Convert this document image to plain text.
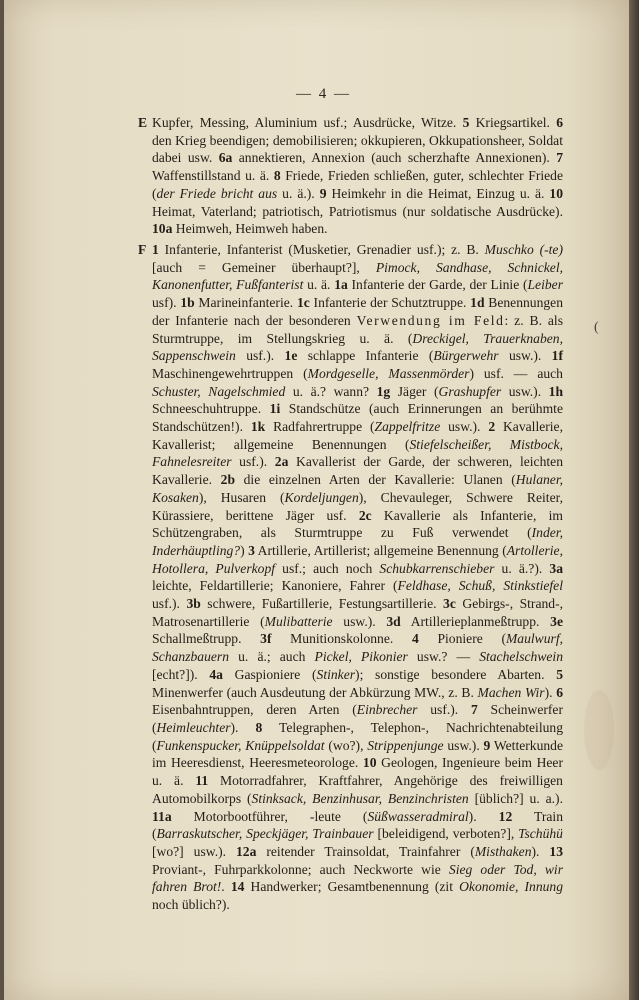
— 4 —
E Kupfer, Messing, Aluminium usf.; Ausdrücke, Witze. 5 Kriegsartikel. 6 den Krieg beendigen; demobilisieren; okkupieren, Okkupationsheer, Soldat dabei usw. 6a annektieren, Annexion (auch scherzhafte Annexionen). 7 Waffenstillstand u. ä. 8 Friede, Frieden schließen, guter, schlechter Friede (der Friede bricht aus u. ä.). 9 Heimkehr in die Heimat, Einzug u. ä. 10 Heimat, Vaterland; patriotisch, Patriotismus (nur soldatische Ausdrücke). 10a Heimweh, Heimweh haben.
F 1 Infanterie, Infanterist (Musketier, Grenadier usf.); z. B. Muschko (-te) [auch = Gemeiner überhaupt?], Pimock, Sandhase, Schnickel, Kanonenfutter, Fußfanterist u. ä. 1a Infanterie der Garde, der Linie (Leiber usf). 1b Marineinfanterie. 1c Infanterie der Schutztruppe. 1d Benennungen der Infanterie nach der besonderen Verwendung im Feld: z. B. als Sturmtruppe, im Stellungskrieg u. ä. (Dreckigel, Trauerknaben, Sappenschwein usf.). 1e schlappe Infanterie (Bürgerwehr usw.). 1f Maschinengewehrtruppen (Mordgeselle, Massenmörder) usf. — auch Schuster, Nagelschmied u. ä.? wann? 1g Jäger (Grashupfer usw.). 1h Schneeschuhtruppe. 1i Standschütze (auch Erinnerungen an berühmte Standschützen!). 1k Radfahrertruppe (Zappelfritze usw.). 2 Kavallerie, Kavallerist; allgemeine Benennungen (Stiefelscheißer, Mistbock, Fahnelesreiter usf.). 2a Kavallerist der Garde, der schweren, leichten Kavallerie. 2b die einzelnen Arten der Kavallerie: Ulanen (Hulaner, Kosaken), Husaren (Kordeljungen), Chevauleger, Schwere Reiter, Kürassiere, berittene Jäger usf. 2c Kavallerie als Infanterie, im Schützengraben, als Sturmtruppe zu Fuß verwendet (Inder, Inderhäuptling?) 3 Artillerie, Artillerist; allgemeine Benennung (Artollerie, Hotollera, Pulverkopf usf.; auch noch Schubkarrenschieber u. ä.?). 3a leichte, Feldartillerie; Kanoniere, Fahrer (Feldhase, Schuß, Stinkstiefel usf.). 3b schwere, Fußartillerie, Festungsartillerie. 3c Gebirgs-, Strand-, Matrosenartillerie (Mulibatterie usw.). 3d Artillerieplanmeßtrupp. 3e Schallmeßtrupp. 3f Munitionskolonne. 4 Pioniere (Maulwurf, Schanzbauern u. ä.; auch Pickel, Pikonier usw.? — Stachelschwein [echt?]). 4a Gaspioniere (Stinker); sonstige besondere Abarten. 5 Minenwerfer (auch Ausdeutung der Abkürzung MW., z. B. Machen Wir). 6 Eisenbahntruppen, deren Arten (Einbrecher usf.). 7 Scheinwerfer (Heimleuchter). 8 Telegraphen-, Telephon-, Nachrichtenabteilung (Funkenspucker, Knüppelsoldat (wo?), Strippenjunge usw.). 9 Wetterkunde im Heeresdienst, Heeresmeteorologe. 10 Geologen, Ingenieure beim Heer u. ä. 11 Motorradfahrer, Kraftfahrer, Angehörige des freiwilligen Automobilkorps (Stinksack, Benzinhusar, Benzinchristen [üblich?] u. a.). 11a Motorbootführer, -leute (Süßwasseradmiral). 12 Train (Barraskutscher, Speckjäger, Trainbauer [beleidigend, verboten?], Tschühü [wo?] usw.). 12a reitender Trainsoldat, Trainfahrer (Misthaken). 13 Proviant-, Fuhrparkkolonne; auch Neckworte wie Sieg oder Tod, wir fahren Brot!. 14 Handwerker; Gesamtbenennung (zit Okonomie, Innung noch üblich?).
(
